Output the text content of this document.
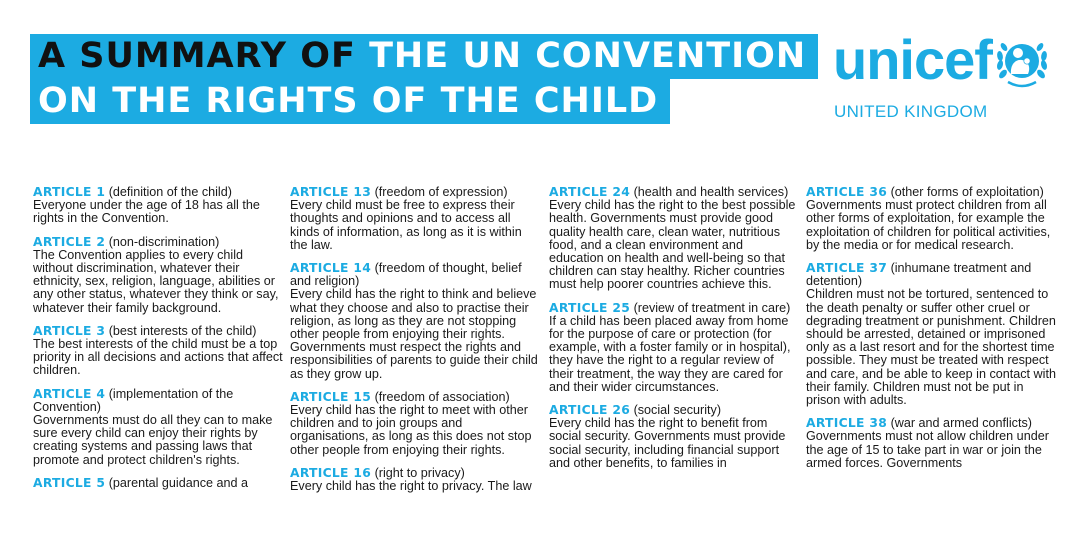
A SUMMARY OF THE UN CONVENTION
ON THE RIGHTS OF THE CHILD
unicef
UNITED KINGDOM
ARTICLE 1 (definition of the child)
Everyone under the age of 18 has all the rights in the Convention.
ARTICLE 2 (non-discrimination)
The Convention applies to every child without discrimination, whatever their ethnicity, sex, religion, language, abilities or any other status, whatever they think or say, whatever their family background.
ARTICLE 3 (best interests of the child)
The best interests of the child must be a top priority in all decisions and actions that affect children.
ARTICLE 4 (implementation of the Convention)
Governments must do all they can to make sure every child can enjoy their rights by creating systems and passing laws that promote and protect children's rights.
ARTICLE 5 (parental guidance and a
ARTICLE 13 (freedom of expression)
Every child must be free to express their thoughts and opinions and to access all kinds of information, as long as it is within the law.
ARTICLE 14 (freedom of thought, belief and religion)
Every child has the right to think and believe what they choose and also to practise their religion, as long as they are not stopping other people from enjoying their rights. Governments must respect the rights and responsibilities of parents to guide their child as they grow up.
ARTICLE 15 (freedom of association)
Every child has the right to meet with other children and to join groups and organisations, as long as this does not stop other people from enjoying their rights.
ARTICLE 16 (right to privacy)
Every child has the right to privacy. The law
ARTICLE 24 (health and health services)
Every child has the right to the best possible health. Governments must provide good quality health care, clean water, nutritious food, and a clean environment and education on health and well-being so that children can stay healthy. Richer countries must help poorer countries achieve this.
ARTICLE 25 (review of treatment in care)
If a child has been placed away from home for the purpose of care or protection (for example, with a foster family or in hospital), they have the right to a regular review of their treatment, the way they are cared for and their wider circumstances.
ARTICLE 26 (social security)
Every child has the right to benefit from social security. Governments must provide social security, including financial support and other benefits, to families in
ARTICLE 36 (other forms of exploitation)
Governments must protect children from all other forms of exploitation, for example the exploitation of children for political activities, by the media or for medical research.
ARTICLE 37 (inhumane treatment and detention)
Children must not be tortured, sentenced to the death penalty or suffer other cruel or degrading treatment or punishment. Children should be arrested, detained or imprisoned only as a last resort and for the shortest time possible. They must be treated with respect and care, and be able to keep in contact with their family. Children must not be put in prison with adults.
ARTICLE 38 (war and armed conflicts)
Governments must not allow children under the age of 15 to take part in war or join the armed forces. Governments
